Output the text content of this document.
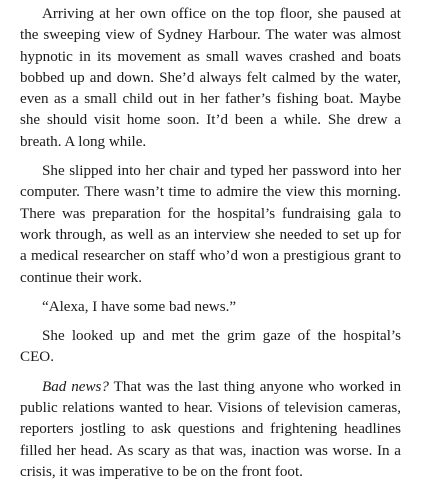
Arriving at her own office on the top floor, she paused at the sweeping view of Sydney Harbour. The water was almost hypnotic in its movement as small waves crashed and boats bobbed up and down. She’d always felt calmed by the water, even as a small child out in her father’s fishing boat. Maybe she should visit home soon. It’d been a while. She drew a breath. A long while.

She slipped into her chair and typed her password into her computer. There wasn’t time to admire the view this morning. There was preparation for the hospital’s fundraising gala to work through, as well as an interview she needed to set up for a medical researcher on staff who’d won a prestigious grant to continue their work.

“Alexa, I have some bad news.”

She looked up and met the grim gaze of the hospital’s CEO.

Bad news? That was the last thing anyone who worked in public relations wanted to hear. Visions of television cameras, reporters jostling to ask questions and frightening headlines filled her head. As scary as that was, inaction was worse. In a crisis, it was imperative to be on the front foot.
